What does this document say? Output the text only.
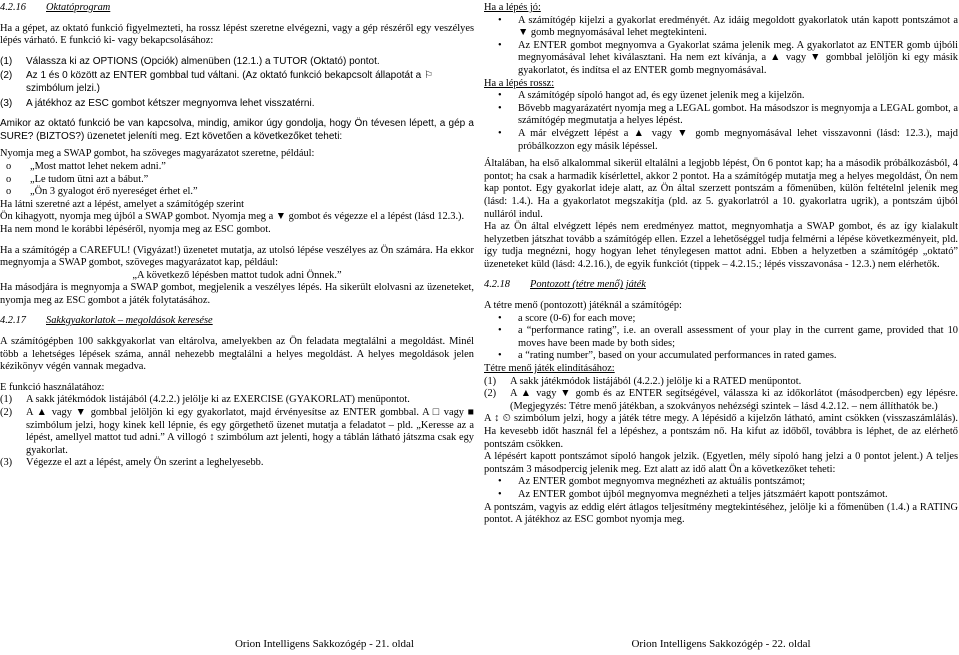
4.2.16 Oktatóprogram

Ha a gépet, az oktató funkció figyelmezteti, ha rossz lépést szeretne elvégezni, vagy a gép részéről egy veszélyes lépés várható. E funkció ki- vagy bekapcsolásához:

(1)	Válassza ki az OPTIONS (Opciók) almenüben (12.1.) a TUTOR (Oktató) pontot.
(2)	Az 1 és 0 között az ENTER gombbal tud váltani. (Az oktató funkció bekapcsolt állapotát a ⚐ szimbólum jelzi.)
(3)	A játékhoz az ESC gombot kétszer megnyomva lehet visszatérni.

Amikor az oktató funkció be van kapcsolva, mindig, amikor úgy gondolja, hogy Ön tévesen lépett, a gép a SURE? (BIZTOS?) üzenetet jeleníti meg. Ezt követően a következőket teheti:

Nyomja meg a SWAP gombot, ha szöveges magyarázatot szeretne, például:

o	„Most mattot lehet nekem adni.”
o	„Le tudom ütni azt a bábut.”
o	„Ön 3 gyalogot érő nyereséget érhet el.”

Ha látni szeretné azt a lépést, amelyet a számítógép szerint

Ön kihagyott, nyomja meg újból a SWAP gombot. Nyomja meg a ▼ gombot és végezze el a lépést (lásd 12.3.).

Ha nem mond le korábbi lépéséről, nyomja meg az ESC gombot.

Ha a számítógép a CAREFUL! (Vigyázat!) üzenetet mutatja, az utolsó lépése veszélyes az Ön számára. Ha ekkor megnyomja a SWAP gombot, szöveges magyarázatot kap, például:

„A következő lépésben mattot tudok adni Önnek.”

Ha másodjára is megnyomja a SWAP gombot, megjelenik a veszélyes lépés. Ha sikerült elolvasni az üzeneteket, nyomja meg az ESC gombot a játék folytatásához.

4.2.17 Sakkgyakorlatok – megoldások keresése

A számítógépben 100 sakkgyakorlat van eltárolva, amelyekben az Ön feladata megtalálni a megoldást. Minél több a lehetséges lépések száma, annál nehezebb megtalálni a helyes megoldást. A helyes megoldások jelen kézikönyv végén vannak megadva.

E funkció használatához:

(1)	A sakk játékmódok listájából (4.2.2.) jelölje ki az EXERCISE (GYAKORLAT) menüpontot.
(2)	A ▲ vagy ▼ gombbal jelöljön ki egy gyakorlatot, majd érvényesítse az ENTER gombbal. A □ vagy ■ szimbólum jelzi, hogy kinek kell lépnie, és egy görgethető üzenet mutatja a feladatot – pld. „Keresse az a lépést, amellyel mattot tud adni.” A villogó ↕ szimbólum azt jelenti, hogy a táblán látható játszma csak egy gyakorlat.
(3)	Végezze el azt a lépést, amely Ön szerint a leghelyesebb.
Orion Intelligens Sakkozógép - 21. oldal

Ha a lépés jó:

•	A számítógép kijelzi a gyakorlat eredményét. Az idáig megoldott gyakorlatok után kapott pontszámot a ▼ gomb megnyomásával lehet megtekinteni.
•	Az ENTER gombot megnyomva a Gyakorlat száma jelenik meg. A gyakorlatot az ENTER gomb újbóli megnyomásával lehet kiválasztani. Ha nem ezt kívánja, a ▲ vagy ▼ gombbal jelöljön ki egy másik gyakorlatot, és indítsa el az ENTER gomb megnyomásával.

Ha a lépés rossz:

•	A számítógép sípoló hangot ad, és egy üzenet jelenik meg a kijelzőn.
•	Bővebb magyarázatért nyomja meg a LEGAL gombot. Ha másodszor is megnyomja a LEGAL gombot, a számítógép megmutatja a helyes lépést.
•	A már elvégzett lépést a ▲ vagy ▼ gomb megnyomásával lehet visszavonni (lásd: 12.3.), majd próbálkozzon egy másik lépéssel.

Általában, ha első alkalommal sikerül eltalálni a legjobb lépést, Ön 6 pontot kap; ha a második próbálkozásból, 4 pontot; ha csak a harmadik kísérlettel, akkor 2 pontot. Ha a számítógép mutatja meg a helyes megoldást, Ön nem kap pontot. Egy gyakorlat ideje alatt, az Ön által szerzett pontszám a főmenüben, külön feltételnl jelenik meg (lásd: 1.4.). Ha a gyakorlatot megszakítja (pld. az 5. gyakorlatról a 10. gyakorlatra ugrik), a pontszám újból nulláról indul.

Ha az Ön által elvégzett lépés nem eredményez mattot, megnyomhatja a SWAP gombot, és az így kialakult helyzetben játszhat tovább a számítógép ellen. Ezzel a lehetőséggel tudja felmérni a lépése következményeit, pld. így tudja megnézni, hogy hogyan lehet ténylegesen mattot adni. Ebben a helyzetben a számítógép „oktató” üzeneteket küld (lásd: 4.2.16.), de egyik funkciót (tippek – 4.2.15.; lépés visszavonása - 12.3.) nem elérhetők.

4.2.18 Pontozott (tétre menő) játék

A tétre menő (pontozott) játéknál a számítógép:

•	a score (0-6) for each move;
•	a “performance rating”, i.e. an overall assessment of your play in the current game, provided that 10 moves have been made by both sides;
•	a “rating number”, based on your accumulated performances in rated games.

Tétre menő játék elindításához:

(1)	A sakk játékmódok listájából (4.2.2.) jelölje ki a RATED menüpontot.
(2)	A ▲ vagy ▼ gomb és az ENTER segítségével, válassza ki az időkorlátot (másodpercben) egy lépésre. (Megjegyzés: Tétre menő játékban, a szokványos nehézségi szintek – lásd 4.2.12. – nem állíthatók be.)

A ↕ ⏲ szimbólum jelzi, hogy a játék tétre megy. A lépésidő a kijelzőn látható, amint csökken (visszaszámlálás). Ha kevesebb időt használ fel a lépéshez, a pontszám nő. Ha kifut az időből, továbbra is léphet, de az elérhető pontszám csökken.

A lépésért kapott pontszámot sípoló hangok jelzik. (Egyetlen, mély sípoló hang jelzi a 0 pontot jelent.) A teljes pontszám 3 másodpercig jelenik meg. Ezt alatt az idő alatt Ön a következőket teheti:

•	Az ENTER gombot megnyomva megnézheti az aktuális pontszámot;
•	Az ENTER gombot újból megnyomva megnézheti a teljes játszmáért kapott pontszámot.

A pontszám, vagyis az eddig elért átlagos teljesítmény megtekintéséhez, jelölje ki a főmenüben (1.4.) a RATING pontot. A játékhoz az ESC gombot nyomja meg.

Orion Intelligens Sakkozógép - 22. oldal
